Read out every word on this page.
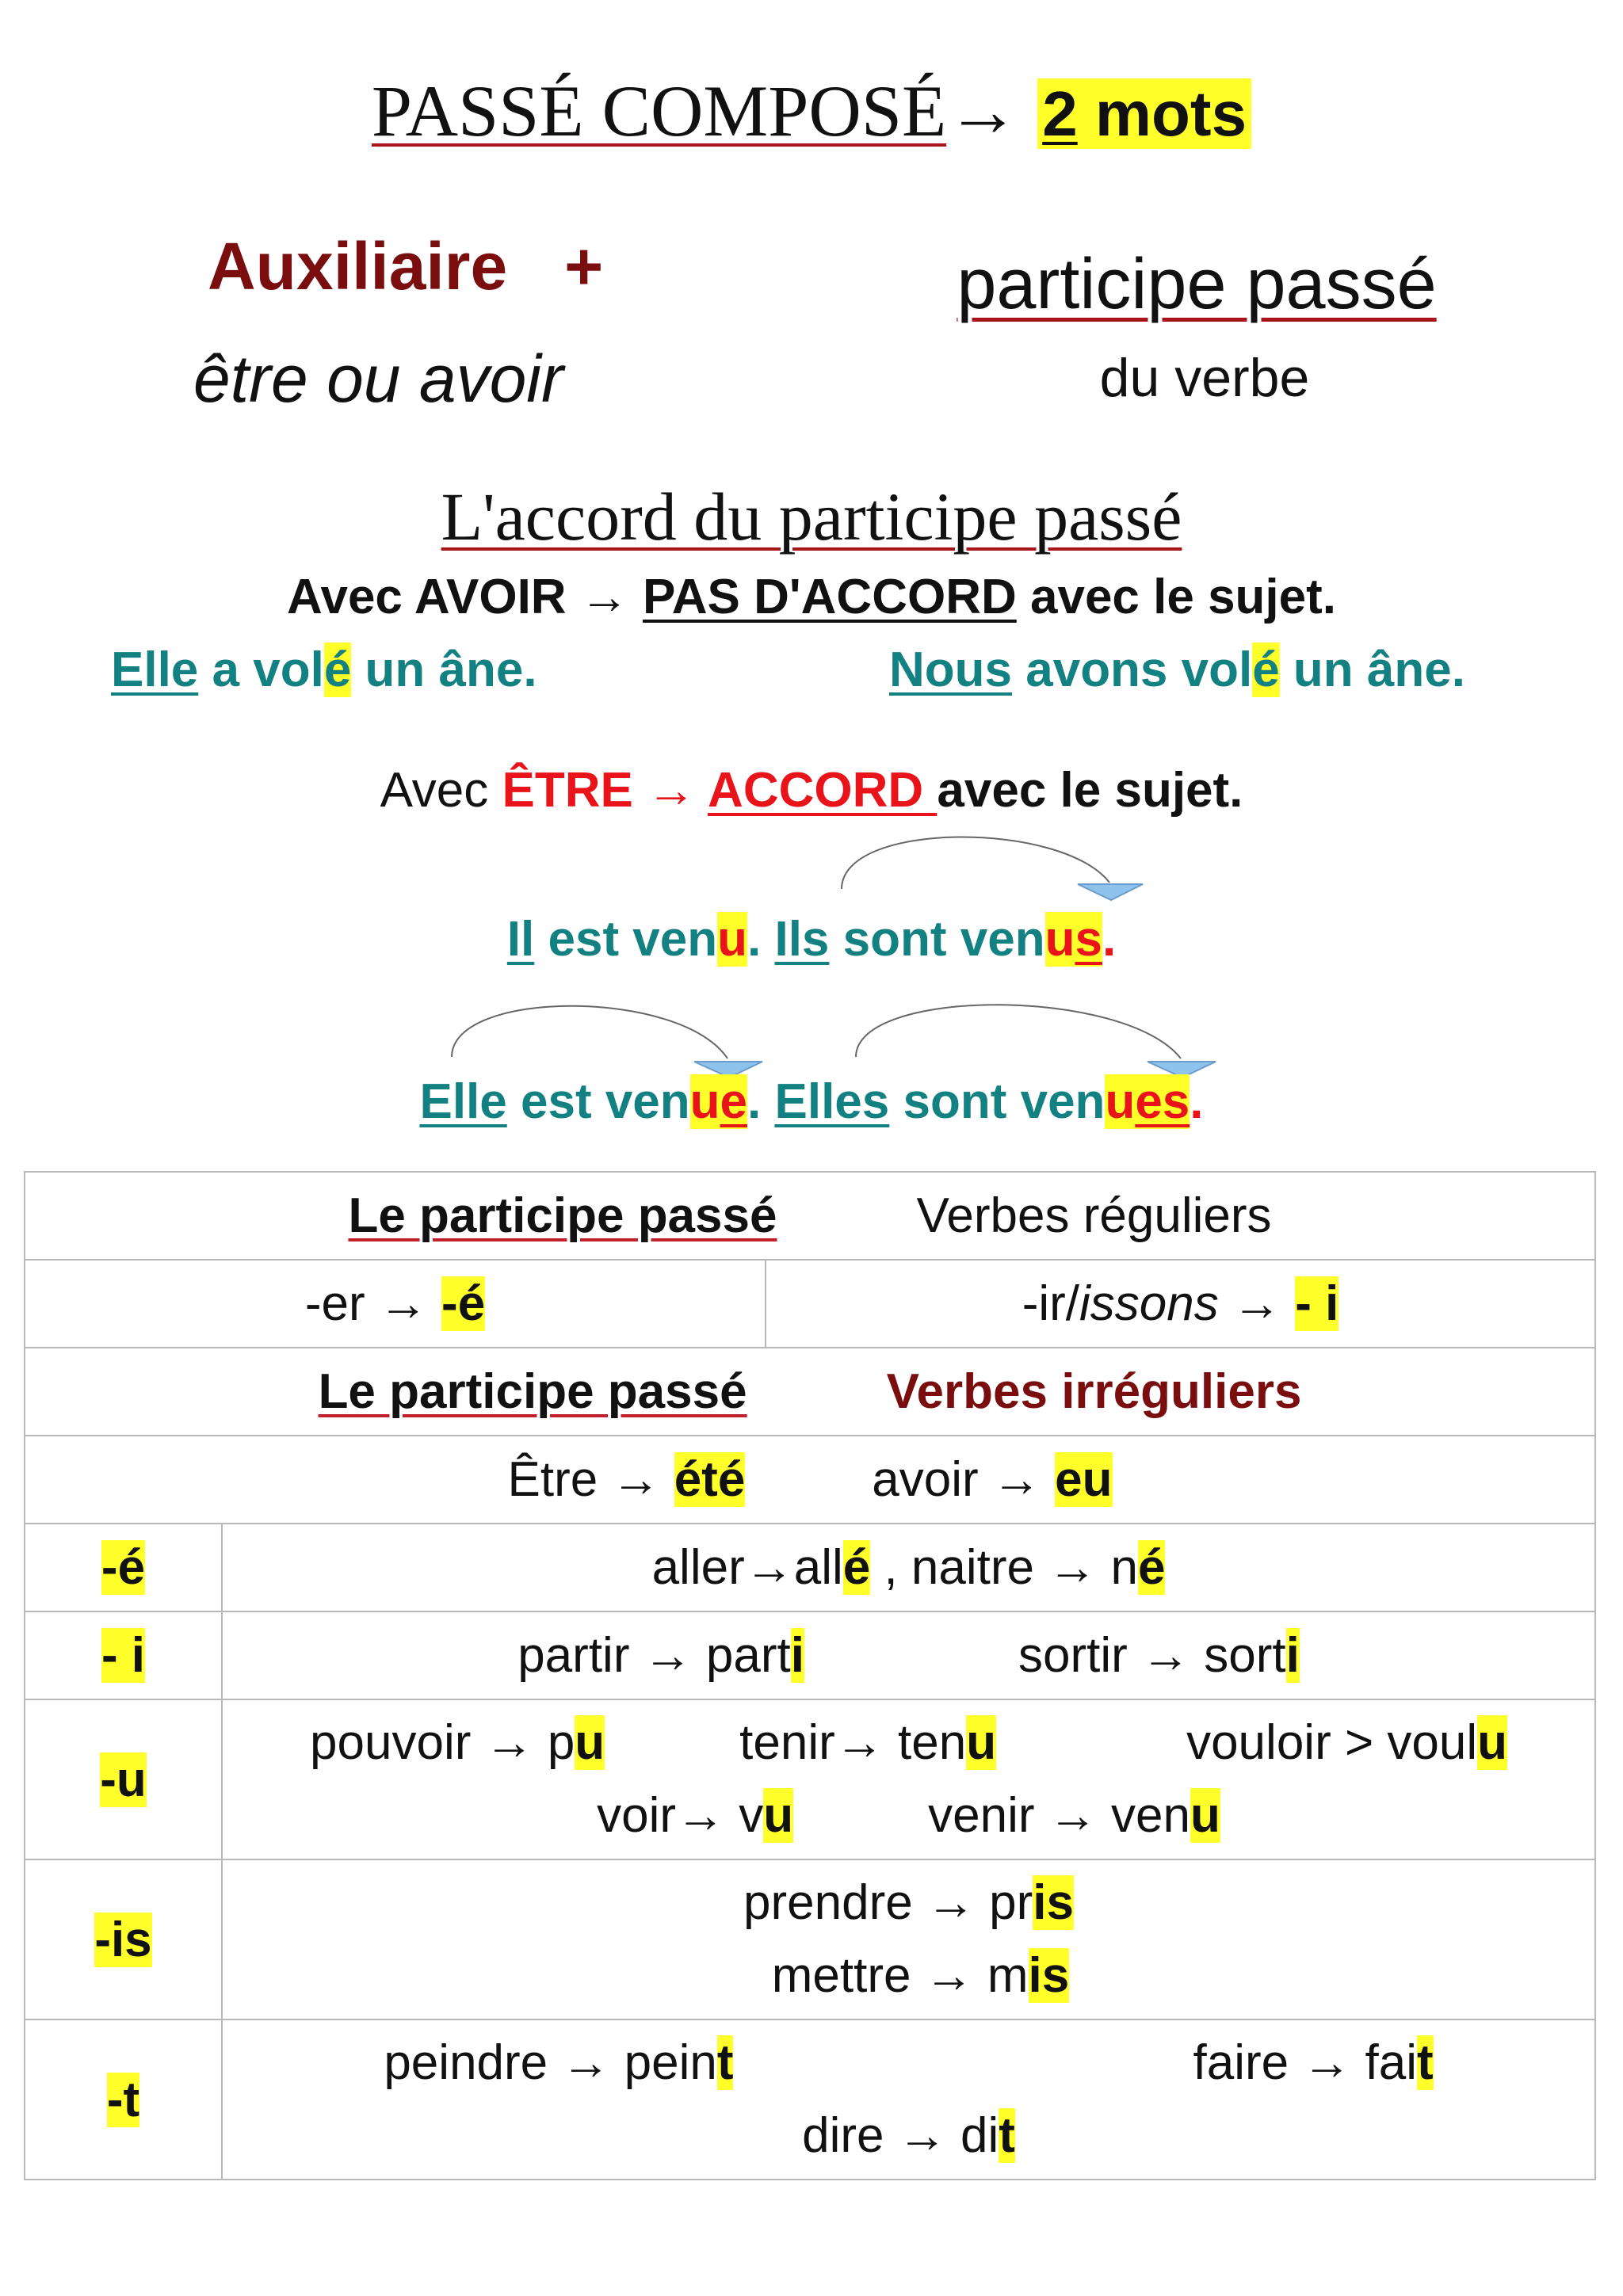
PASSÉ COMPOSÉ→ 2 mots
Auxiliaire +
être ou avoir
participe passé
du verbe
L'accord du participe passé
Avec AVOIR → PAS D'ACCORD avec le sujet.
Elle a volé un âne.	Nous avons volé un âne.
Avec ÊTRE → ACCORD avec le sujet.
Il est venu. Ils sont venus.
Elle est venue. Elles sont venues.
Le participe passé Verbes réguliers		
-er → -é		-ir/issons → - i
Le participe passé Verbes irréguliers		
Être → été avoir → eu		
-é	aller→allé , naitre → né	
- i	partir → parti sortir → sorti	
-u	pouvoir → pu tenir→ tenu vouloir > voulu
voir→ vu venir → venu	

-is	prendre → pris
mettre → mis	

-t	peindre → peint faire → fait
dire → dit	
